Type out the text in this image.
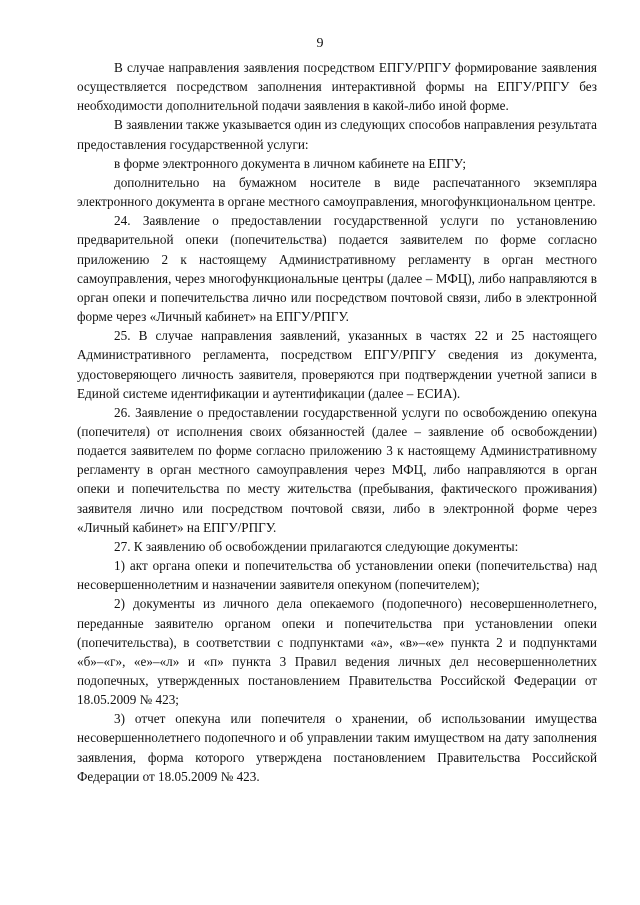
9

В случае направления заявления посредством ЕПГУ/РПГУ формирование заявления осуществляется посредством заполнения интерактивной формы на ЕПГУ/РПГУ без необходимости дополнительной подачи заявления в какой-либо иной форме.

В заявлении также указывается один из следующих способов направления результата предоставления государственной услуги:

в форме электронного документа в личном кабинете на ЕПГУ;

дополнительно на бумажном носителе в виде распечатанного экземпляра электронного документа в органе местного самоуправления, многофункциональном центре.

24. Заявление о предоставлении государственной услуги по установлению предварительной опеки (попечительства) подается заявителем по форме согласно приложению 2 к настоящему Административному регламенту в орган местного самоуправления, через многофункциональные центры (далее – МФЦ), либо направляются в орган опеки и попечительства лично или посредством почтовой связи, либо в электронной форме через «Личный кабинет» на ЕПГУ/РПГУ.

25. В случае направления заявлений, указанных в частях 22 и 25 настоящего Административного регламента, посредством ЕПГУ/РПГУ сведения из документа, удостоверяющего личность заявителя, проверяются при подтверждении учетной записи в Единой системе идентификации и аутентификации (далее – ЕСИА).

26. Заявление о предоставлении государственной услуги по освобождению опекуна (попечителя) от исполнения своих обязанностей (далее – заявление об освобождении) подается заявителем по форме согласно приложению 3 к настоящему Административному регламенту в орган местного самоуправления через МФЦ, либо направляются в орган опеки и попечительства по месту жительства (пребывания, фактического проживания) заявителя лично или посредством почтовой связи, либо в электронной форме через «Личный кабинет» на ЕПГУ/РПГУ.

27. К заявлению об освобождении прилагаются следующие документы:

1) акт органа опеки и попечительства об установлении опеки (попечительства) над несовершеннолетним и назначении заявителя опекуном (попечителем);

2) документы из личного дела опекаемого (подопечного) несовершеннолетнего, переданные заявителю органом опеки и попечительства при установлении опеки (попечительства), в соответствии с подпунктами «а», «в»–«е» пункта 2 и подпунктами «б»–«г», «е»–«л» и «п» пункта 3 Правил ведения личных дел несовершеннолетних подопечных, утвержденных постановлением Правительства Российской Федерации от 18.05.2009 № 423;

3) отчет опекуна или попечителя о хранении, об использовании имущества несовершеннолетнего подопечного и об управлении таким имуществом на дату заполнения заявления, форма которого утверждена постановлением Правительства Российской Федерации от 18.05.2009 № 423.
